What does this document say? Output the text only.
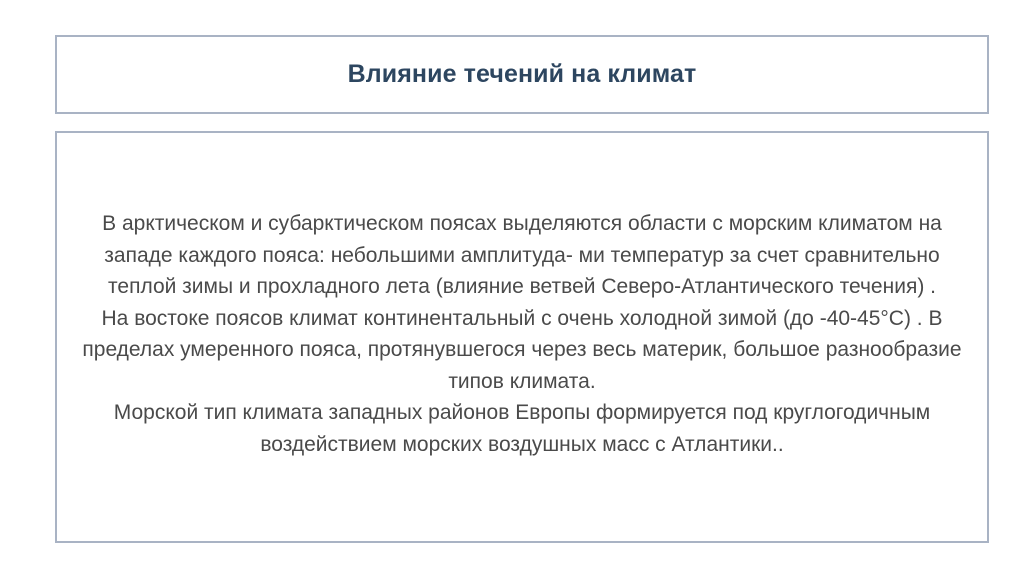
Влияние течений на климат

В арктическом и субарктическом поясах выделяются области с морским климатом на западе каждого пояса: небольшими амплитуда- ми температур за счет сравнительно теплой зимы и прохладного лета (влияние ветвей Северо-Атлантического течения) .

На востоке поясов климат континентальный с очень холодной зимой (до -40-45°С) . В пределах умеренного пояса, протянувшегося через весь материк, большое разнообразие типов климата.

Морской тип климата западных районов Европы формируется под круглогодичным воздействием морских воздушных масс с Атлантики..
